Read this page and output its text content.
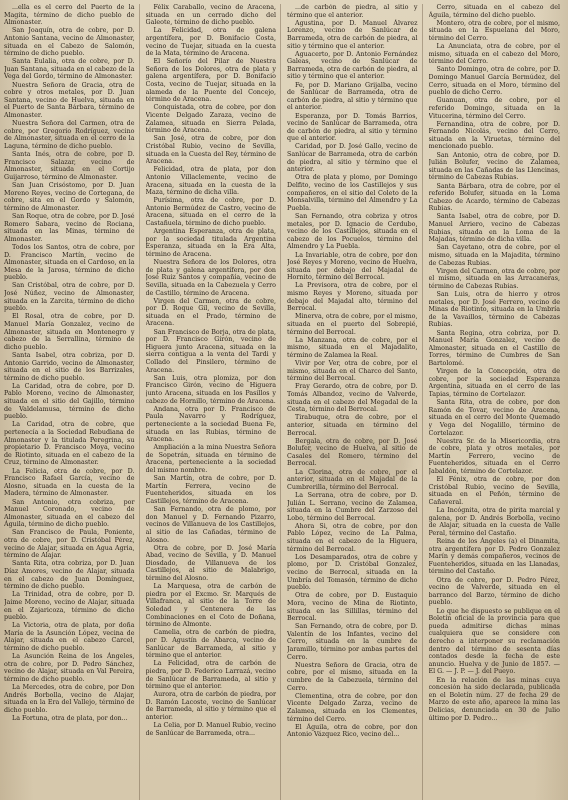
...ella es el cerro del Puerto de la Magita, término de dicho pueblo de Almonaster.

San Joaquín, otra de cobre, por D. Antonio Santana, vecino de Almonaster, situada en el Cabezo de Salomón, término de dicho pueblo.

Santa Eulalia, otra de cobre, por D. Juan Santana, situada en el cabezo de la Vega del Gordo, término de Almonaster.

Nuestra Señora de Gracia, otra de cobre y otros metales, por D. Juan Santana, vecino de Huelva, situada en el Puerto de Santa Bárbara, término de Almonaster.

Nuestra Señora del Carmen, otra de cobre, por Gregorio Rodríguez, vecino de Almonaster, situada en el cerro de la Laguna, término de dicho pueblo.

Santa Inés, otra de cobre, por D. Francisco Salazar, vecino de Almonaster, situada en el Cortijo Guijarroso, término de Almonaster.

San Juan Crisóstomo, por D. Juan Moreno Reyes, vecino de Cortegana, de cobre, sita en el Gordo y Salomón, término de Almonaster.

San Roque, otra de cobre, por D. José Romero Sabara, vecino de Rociana, situada en las Minas, término de Almonaster.

Todos los Santos, otra de cobre, por D. Francisco Martín, vecino de Almonaster, situada en el Cardoso, en la Mesa de la Jarosa, término de dicho pueblo.

San Cristóbal, otra de cobre, por D. José Núñez, vecino de Almonaster, situada en la Zarcita, término de dicho pueblo.

El Rosal, otra de cobre, por D. Manuel María Gonzalez, vecino de Almonaster, situada en Montenegro y cabezo de la Serrallina, término de dicho pueblo.

Santa Isabel, otra cobriza, por D. Antonio Garrido, vecino de Almonaster, situada en el sitio de los Barrizales, término de dicho pueblo.

La Caridad, otra de cobre, por D. Pablo Moreno, vecino de Almonaster, situada en el sitio del Gajillo, término de Valdelamusa, término de dicho pueblo.

La Caridad, otra de cobre, que pertenecía a la Sociedad Rebudiana de Almonaster y la titulada Peregrina, su propietario D. Francisco Moya, vecino de Riotinto, situada en el cabezo de la Cruz, término de Almonaster.

La Felicia, otra de cobre, por D. Francisco Rafael García, vecino de Alosno, situada en la cuesta de la Madera, término de Almonaster.

San Antonio, otra cobriza, por Manuel Coronado, vecino de Almonaster, situada en el cabezo del Águila, término de dicho pueblo.

San Francisco de Paula, Poniente, otra de cobre, por D. Cristóbal Pérez, vecino de Alajar, situada en Agua Agria, término de Alajar.

Santa Rita, otra cobriza, por D. Juan Díaz Amores, vecino de Alajar, situada en el cabezo de Juan Domínguez, término de dicho pueblo.

La Trinidad, otra de cobre, por D. Jaime Moreno, vecino de Alajar, situada en el Zajaricoza, término de dicho pueblo.

La Victoria, otra de plata, por doña María de la Asunción López, vecina de Alajar, situada en el cabezo Carcel, término de dicho pueblo.

La Asunción Reina de los Ángeles, otra de cobre, por D. Pedro Sánchez, vecino de Alajar, situada en Val Pereira, término de dicho pueblo.

La Mercedes, otra de cobre, por Don Andrés Borbolla, vecino de Alajar, situada en la Era del Vallejo, término de dicho pueblo.

La Fortuna, otra de plata, por don...

Félix Caraballo, vecino de Aracena, situada en un cerrado dicho del Galeote, término de dicho pueblo.

La Felicidad, otra de galena argentífera, por D. Bonifacio Costa, vecino de Tuejar, situada en la cuesta de la Mata, término de Aracena.

El Señorío del Pilar de Nuestra Señora de los Dolores, otra de plata y galena argentífera, por D. Bonifacio Costa, vecino de Tuejar, situada en la alameda de la Puente del Concejo, término de Aracena.

Conquistada, otra de cobre, por don Vicente Delgado Zaraza, vecino de Zalamea, situada en Sierra Pelada, término de Aracena.

San José, otra de cobre, por don Cristóbal Rubio, vecino de Sevilla, situada en la Cuesta del Rey, término de Aracena.

Felicidad, otra de plata, por don Antonio Villaclemente, vecino de Aracena, situada en la cuesta de la Maza, término de dicha villa.

Purísima, otra de cobre, por D. Antonio Bermúdez de Castro, vecino de Aracena, situada en el cerro de la Castañuela, término de dicho pueblo.

Argentina Esperanza, otra de plata, por la sociedad titulada Argentina Esperanza, situada en la Era Alta, término de Aracena.

Nuestra Señora de los Dolores, otra de plata y galena argentífera, por don José Ruiz Santos y compañía, vecino de Sevilla, situada en la Cabezuela y Cerro de Castillo, término de Aracena.

Virgen del Carmen, otra de cobre, por D. Roque Gil, vecino de Sevilla, situada en el Prado, término de Aracena.

San Francisco de Borja, otra de plata, por D. Francisco Girón, vecino de Higuera junto Aracena, situada en la sierra contigua a la venta del Tardi y Collado del Pinsilero, término de Aracena.

San Luis, otra plomiza, por don Francisco Girón, vecino de Higuera junto Aracena, situada en los Pasillos y cabezo de Hornillo, término de Aracena.

Andana, otra por D. Francisco de Paula Navarro y Rodríguez, perteneciente a la sociedad Buena Fe, situada en las Rubias, término de Aracena.

Ampliación a la mina Nuestra Señora de Sopetrán, situada en término de Aracena, perteneciente a la sociedad del mismo nombre.

San Martín, otra de cobre, por D. Martín Ferrera, vecino de Fuenteheridos, situada en los Castillejos, término de Aracena.

San Fernando, otra de plomo, por don Manuel y D. Fernando Pizarro, vecinos de Villanueva de los Castillejos, al sitio de las Cañadas, término de Alosno.

Otra de cobre, por D. José María Abad, vecino de Sevilla, y D. Manuel Diosdado, de Villanueva de los Castillejos, al sitio de Malabrigo, término del Alosno.

La Marquesa, otra de carbón de piedra por el Excmo. Sr. Marqués de Villafranca, al sitio de la Torre de Soledad y Centenera de las Combinaciones en el Coto de Doñana, término de Almonte.

Camelia, otra de carbón de piedra, por D. Agustín de Abarca, vecino de Sanlúcar de Barrameda, al sitio y término que el anterior.

La Felicidad, otra de carbón de piedra, por D. Federico Larrazá, vecino de Sanlúcar de Barrameda, al sitio y término que el anterior.

Aurora, otra de carbón de piedra, por D. Ramón Lacoste, vecino de Sanlúcar de Barrameda, al sitio y término que el anterior.

La Celia, por D. Manuel Rubio, vecino de Sanlúcar de Barrameda, otra...

...de carbón de piedra, al sitio y término que el anterior.

Agustina, por D. Manuel Álvarez Lorenzo, vecino de Sanlúcar de Barrameda, otra de carbón de piedra, al sitio y término que el anterior.

Aguacerto, por D. Antonio Fernández Galeas, vecino de Sanlúcar de Barrameda, otra de carbón de piedra, al sitio y término que el anterior.

Fe, por D. Mariano Grijalba, vecino de Sanlúcar de Barrameda, otra de carbón de piedra, al sitio y término que el anterior.

Esperanza, por D. Tomás Barrios, vecino de Sanlúcar de Barrameda, otra de carbón de piedra, al sitio y término que el anterior.

Caridad, por D. José Gallo, vecino de Sanlúcar de Barrameda, otra de carbón de piedra, al sitio y término que el anterior.

Otra de plata y plomo, por Domingo Delfito, vecino de los Castillejos y sus compañeros, en el sitio del Coleto de la Monsalvilla, término del Almendro y La Puebla.

San Fernando, otra cobriza y otros metales, por D. Ignacio de Cerdubo, vecino de los Castillejos, situada en el cabezo de los Pocuelos, término del Almendro y La Puebla.

La Invariable, otra de cobre, por don José Reyes y Moreno, vecino de Huelva, situada por debajo del Majadal de Hornito, término del Berrocal.

La Previsora, otra de cobre, por el mismo Reyes y Moreno, situada por debajo del Majadal alto, término del Berrocal.

Minerva, otra de cobre, por el mismo, situada en el puerto del Sobrepié, término del Berrocal.

La Manzana, otra de cobre, por el mismo, situada en el Majadalito, término de Zalamea la Real.

Vivir por Ver, otra de cobre, por el mismo, situada en el Charco del Santo, término del Berrocal.

Fray Gerardo, otra de cobre, por D. Tomás Albandoz, vecino de Valverde, situada en el cabezo del Megadal de la Cesta, término del Berrocal.

Tirabuque, otra de cobre, por el anterior, situada en término del Berrocal.

Bergala, otra de cobre, por D. José Bolufer, vecino de Huelva, al sitio de Casales del Romero, término del Berrocal.

La Clorina, otra de cobre, por el anterior, situada en el Majadal de la Cumbrerilla, término del Berrocal.

La Serrana, otra de cobre, por D. Julián L. Serrano, vecino de Zalamea, situada en la Cumbre del Zarzoso del Lobo, término del Berrocal.

Ahora Si, otra de cobre, por don Pablo López, vecino de La Palma, situada en el cabezo de la Higuera, término del Berrocal.

Los Desamparados, otra de cobre y plomo, por D. Cristóbal Gonzalez, vecino de Berrocal, situada en la Umbría del Tomasón, término de dicho pueblo.

Otra de cobre, por D. Eustaquio Mora, vecino de Mina de Riotinto, situada en las Sillillas, término del Berrocal.

San Fernando, otra de cobre, por D. Valentín de los Infantes, vecino del Cerro, situada en la cumbre de Jaramillo, término por ambas partes del Cerro.

Nuestra Señora de Gracia, otra de cobre, por el mismo, situada en la cumbre de la Cabezuela, término del Cerro.

Clementina, otra de cobre, por don Vicente Delgado Zarza, vecino de Zalamea, situada en los Clementes, término del Cerro.

El Águila, otra de cobre, por don Antonio Vázquez Rico, vecino del...

Cerro, situada en el cabezo del Águila, término del dicho pueblo.

Montero, otra de cobre, por el mismo, situada en la Espuelana del Moro, término del Cerro.

La Anunciata, otra de cobre, por el mismo, situada en el cabezo del Moro, término del Cerro.

Santo Domingo, otra de cobre, por D. Domingo Manuel García Bermúdez, del Cerro, situada en el Moro, término del pueblo de dicho Cerro.

Guanuan, otra de cobre, por el referido Domingo, situada en la Vitucerina, término del Cerro.

Fernandina, otra de cobre, por D. Fernando Nicolás, vecino del Cerro, situada en la Viruetas, término del mencionado pueblo.

San Antonio, otra de cobre, por D. Julián Bolufer, vecino de Zalamea, situada en las Cañadas de las Llencinas, término de Cabezas Rubias.

Santa Bárbara, otra de cobre, por el referido Bolufer, situada en la Loma Cabezo de Acardo, término de Cabezas Rubias.

Santa Isabel, otra de cobre, por D. Manuel Arriero, vecino de Cabezas Rubias, situada en la Loma de la Majadas, término de dicha villa.

San Cayetano, otra de cobre, por el mismo, situada en la Majadita, término de Cabezas Rubias.

Virgen del Carmen, otra de cobre, por el mismo, situada en las Arracaneras, término de Cabezas Rubias.

San Luis, otra de hierro y otros metales, por D. José Ferrero, vecino de Minas de Riotinto, situada en la Umbría de la Vavaillos, término de Cabezas Rubias.

Santa Regina, otra cobriza, por D. Manuel María Gonzalez, vecino de Almonaster, situada en el Castillo de Torres, término de Cumbres de San Bartolomé.

Virgen de la Concepción, otra de cobre, por la sociedad Esperanza Argentina, situada en el cerro de las Tapias, término de Cortelazor.

Santa Rita, otra de cobre, por don Ramón de Tovar, vecino de Aracena, situada en el cerro del Monte Quemado y Vega del Nogalillo, término de Cortelazor.

Nuestra Sr. de la Misericordia, otra de cobre, plata y otros metales, por Martín Ferrero, vecino de Fuenteheridos, situada en el Cerro Jabaldón, término de Cortelazor.

El Fénix, otra de cobre, por don Cristóbal Rubio, vecino de Sevilla, situada en el Peñón, término de Cañaveral.

La Incógnita, otra de pirita marcial y galena, por D. Andrés Borbolla, vecino de Alajar, situada en la cuesta de Valle Peral, término del Castaño.

Reina de los Ángeles (a) el Dinamita, otra argentífera por D. Pedro Gonzalez Marín y demás compañeros, vecinos de Fuenteheridos, situada en las Llanadas, término del Castaño.

Otra de cobre, por D. Pedro Pérez, vecino de Valverde, situada en el barranco del Barzo, término de dicho pueblo.

Lo que he dispuesto se publique en el Boletín oficial de la provincia para que pueda admitirse dichas minas cualquiera que se considere con derecho a interponer su reclamación dentro del término de sesenta días contados desde la fecha de este anuncio. Huelva y de Junio de 1857. — El G. — J. P. — J. del Pueyo.

En la relación de las minas cuya concesión ha sido declarada, publicada en el Boletín núm. 27 de fecha 29 de Marzo de este año, aparece la mina las Delicias, denunciada en 30 de Julio último por D. Pedro...
